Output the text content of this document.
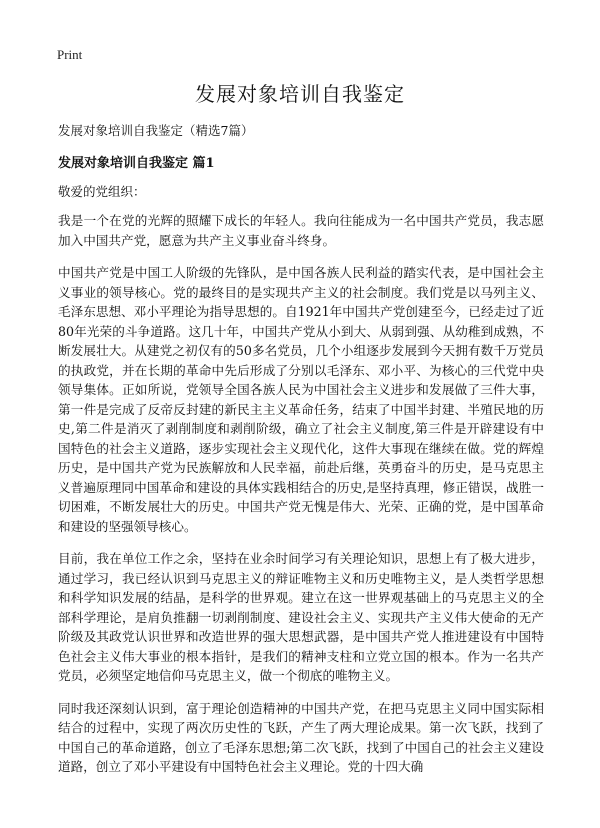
Print
发展对象培训自我鉴定

发展对象培训自我鉴定（精选7篇）

发展对象培训自我鉴定 篇1

敬爱的党组织：

我是一个在党的光辉的照耀下成长的年轻人。我向往能成为一名中国共产党员，我志愿加入中国共产党，愿意为共产主义事业奋斗终身。

中国共产党是中国工人阶级的先锋队，是中国各族人民利益的踏实代表，是中国社会主义事业的领导核心。党的最终目的是实现共产主义的社会制度。我们党是以马列主义、毛泽东思想、邓小平理论为指导思想的。自1921年中国共产党创建至今，已经走过了近80年光荣的斗争道路。这几十年，中国共产党从小到大、从弱到强、从幼稚到成熟，不断发展壮大。从建党之初仅有的50多名党员，几个小组逐步发展到今天拥有数千万党员的执政党，并在长期的革命中先后形成了分别以毛泽东、邓小平、为核心的三代党中央领导集体。正如所说，党领导全国各族人民为中国社会主义进步和发展做了三件大事，第一件是完成了反帝反封建的新民主主义革命任务，结束了中国半封建、半殖民地的历史,第二件是消灭了剥削制度和剥削阶级，确立了社会主义制度,第三件是开辟建设有中国特色的社会主义道路，逐步实现社会主义现代化，这件大事现在继续在做。党的辉煌历史，是中国共产党为民族解放和人民幸福，前赴后继，英勇奋斗的历史，是马克思主义普遍原理同中国革命和建设的具体实践相结合的历史,是坚持真理，修正错误，战胜一切困难，不断发展壮大的历史。中国共产党无愧是伟大、光荣、正确的党，是中国革命和建设的坚强领导核心。

目前，我在单位工作之余，坚持在业余时间学习有关理论知识，思想上有了极大进步，通过学习，我已经认识到马克思主义的辩证唯物主义和历史唯物主义，是人类哲学思想和科学知识发展的结晶，是科学的世界观。建立在这一世界观基础上的马克思主义的全部科学理论，是肩负推翻一切剥削制度、建设社会主义、实现共产主义伟大使命的无产阶级及其政党认识世界和改造世界的强大思想武器，是中国共产党人推进建设有中国特色社会主义伟大事业的根本指针，是我们的精神支柱和立党立国的根本。作为一名共产党员，必须坚定地信仰马克思主义，做一个彻底的唯物主义。

同时我还深刻认识到，富于理论创造精神的中国共产党，在把马克思主义同中国实际相结合的过程中，实现了两次历史性的飞跃，产生了两大理论成果。第一次飞跃，找到了中国自己的革命道路，创立了毛泽东思想;第二次飞跃，找到了中国自己的社会主义建设道路，创立了邓小平建设有中国特色社会主义理论。党的十四大确
